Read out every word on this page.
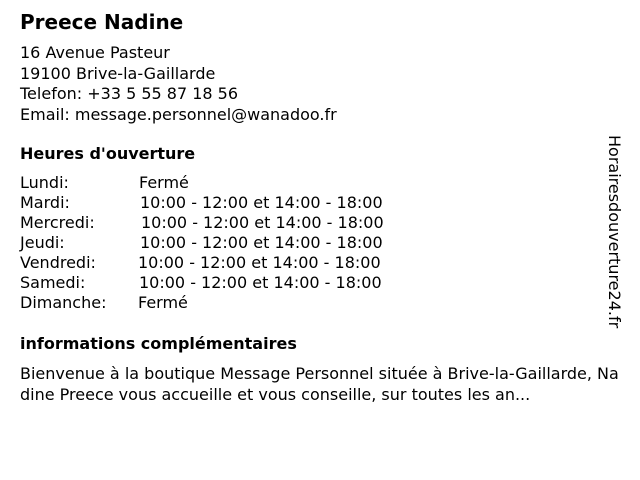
Preece Nadine
16 Avenue Pasteur
19100 Brive-la-Gaillarde
Telefon: +33 5 55 87 18 56
Email: message.personnel@wanadoo.fr
Heures d'ouverture
Lundi:	Fermé
Mardi:	10:00 - 12:00 et 14:00 - 18:00
Mercredi:	10:00 - 12:00 et 14:00 - 18:00
Jeudi:	10:00 - 12:00 et 14:00 - 18:00
Vendredi:	10:00 - 12:00 et 14:00 - 18:00
Samedi:	10:00 - 12:00 et 14:00 - 18:00
Dimanche: Fermé
informations complémentaires
Bienvenue à la boutique Message Personnel située à Brive-la-Gaillarde, Nadine Preece vous accueille et vous conseille, sur toutes les an...
Horairesdouverture24.fr
